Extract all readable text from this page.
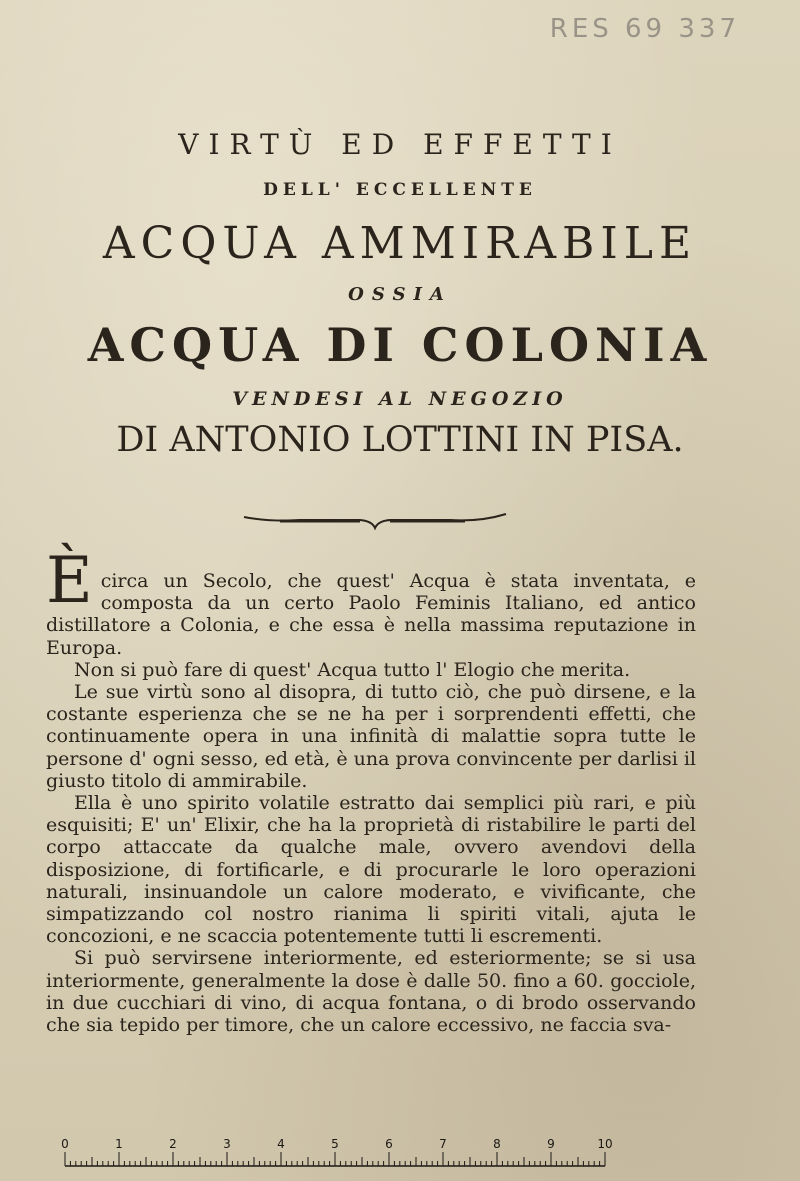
RES 69 337
VIRTÙ ED EFFETTI
DELL' ECCELLENTE
ACQUA AMMIRABILE
OSSIA
ACQUA DI COLONIA
VENDESI AL NEGOZIO
DI ANTONIO LOTTINI IN PISA.
È circa un Secolo, che quest' Acqua è stata inventata, e composta da un certo Paolo Feminis Italiano, ed antico distillatore a Colonia, e che essa è nella massima reputazione in Europa.

Non si può fare di quest' Acqua tutto l' Elogio che merita.

Le sue virtù sono al disopra, di tutto ciò, che può dirsene, e la costante esperienza che se ne ha per i sorprendenti effetti, che continuamente opera in una infinità di malattie sopra tutte le persone d' ogni sesso, ed età, è una prova convincente per darlisi il giusto titolo di ammirabile.

Ella è uno spirito volatile estratto dai semplici più rari, e più esquisiti; E' un' Elixir, che ha la proprietà di ristabilire le parti del corpo attaccate da qualche male, ovvero avendovi della disposizione, di fortificarle, e di procurarle le loro operazioni naturali, insinuandole un calore moderato, e vivificante, che simpatizzando col nostro rianima li spiriti vitali, ajuta le concozioni, e ne scaccia potentemente tutti li escrementi.

Si può servirsene interiormente, ed esteriormente; se si usa interiormente, generalmente la dose è dalle 50. fino a 60. gocciole, in due cucchiari di vino, di acqua fontana, o di brodo osservando che sia tepido per timore, che un calore eccessivo, ne faccia sva-

0	1	2	3	4	5	6	7	8	9	10
